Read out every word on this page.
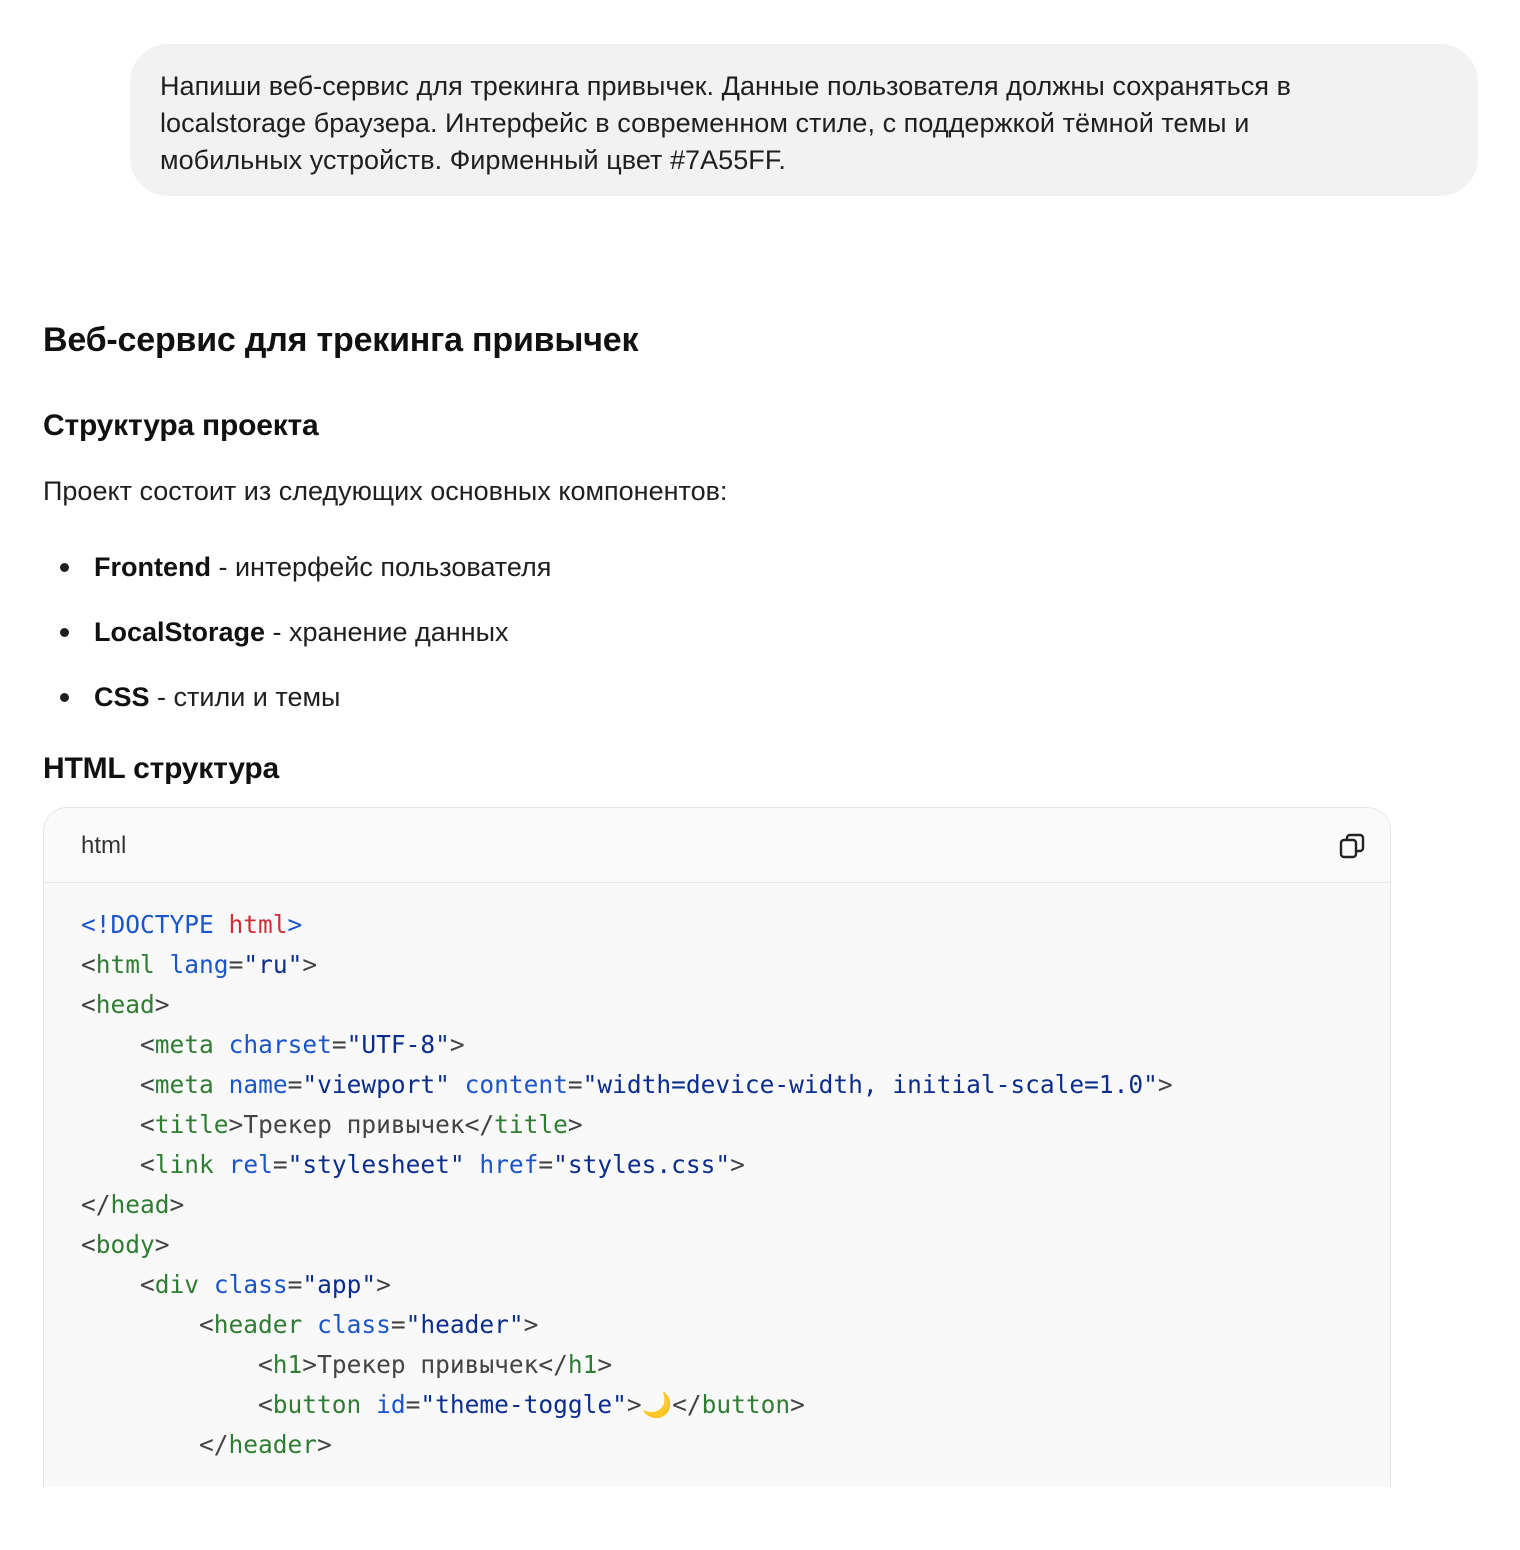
Напиши веб-сервис для трекинга привычек. Данные пользователя должны сохраняться в

localstorage браузера. Интерфейс в современном стиле, с поддержкой тёмной темы и

мобильных устройств. Фирменный цвет #7A55FF.

Веб-сервис для трекинга привычек
Структура проекта
Проект состоит из следующих основных компонентов:
Frontend - интерфейс пользователя
LocalStorage - хранение данных
CSS - стили и темы
HTML структура
html
<!DOCTYPE html>
<html lang="ru">
<head>
<meta charset="UTF-8">
<meta name="viewport" content="width=device-width, initial-scale=1.0">
<title>Трекер привычек</title>
<link rel="stylesheet" href="styles.css">
</head>
<body>
<div class="app">
<header class="header">
<h1>Трекер привычек</h1>
<button id="theme-toggle">🌙</button>
</header>
